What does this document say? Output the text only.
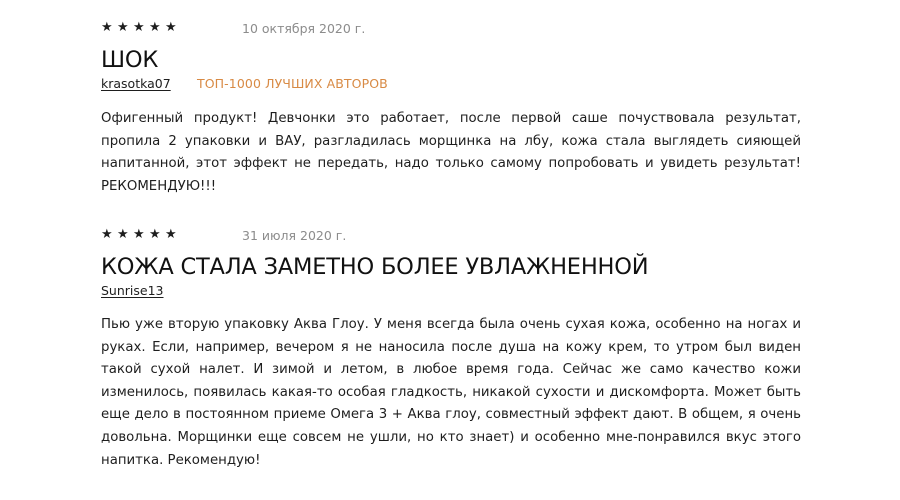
★ ★ ★ ★ ★	10 октября 2020 г.
ШОК
krasotka07 ТОП-1000 ЛУЧШИХ АВТОРОВ
Офигенный продукт! Девчонки это работает, после первой саше почуствовала результат, пропила 2 упаковки и ВАУ, разгладилась морщинка на лбу, кожа стала выглядеть сияющей напитанной, этот эффект не передать, надо только самому попробовать и увидеть результат! РЕКОМЕНДУЮ!!!
★ ★ ★ ★ ★	31 июля 2020 г.
КОЖА СТАЛА ЗАМЕТНО БОЛЕЕ УВЛАЖНЕННОЙ
Sunrise13
Пью уже вторую упаковку Аква Глоу. У меня всегда была очень сухая кожа, особенно на ногах и руках. Если, например, вечером я не наносила после душа на кожу крем, то утром был виден такой сухой налет. И зимой и летом, в любое время года. Сейчас же само качество кожи изменилось, появилась какая-то особая гладкость, никакой сухости и дискомфорта. Может быть еще дело в постоянном приеме Омега 3 + Аква глоу, совместный эффект дают. В общем, я очень довольна. Морщинки еще совсем не ушли, но кто знает) и особенно мне-понравился вкус этого напитка. Рекомендую!
